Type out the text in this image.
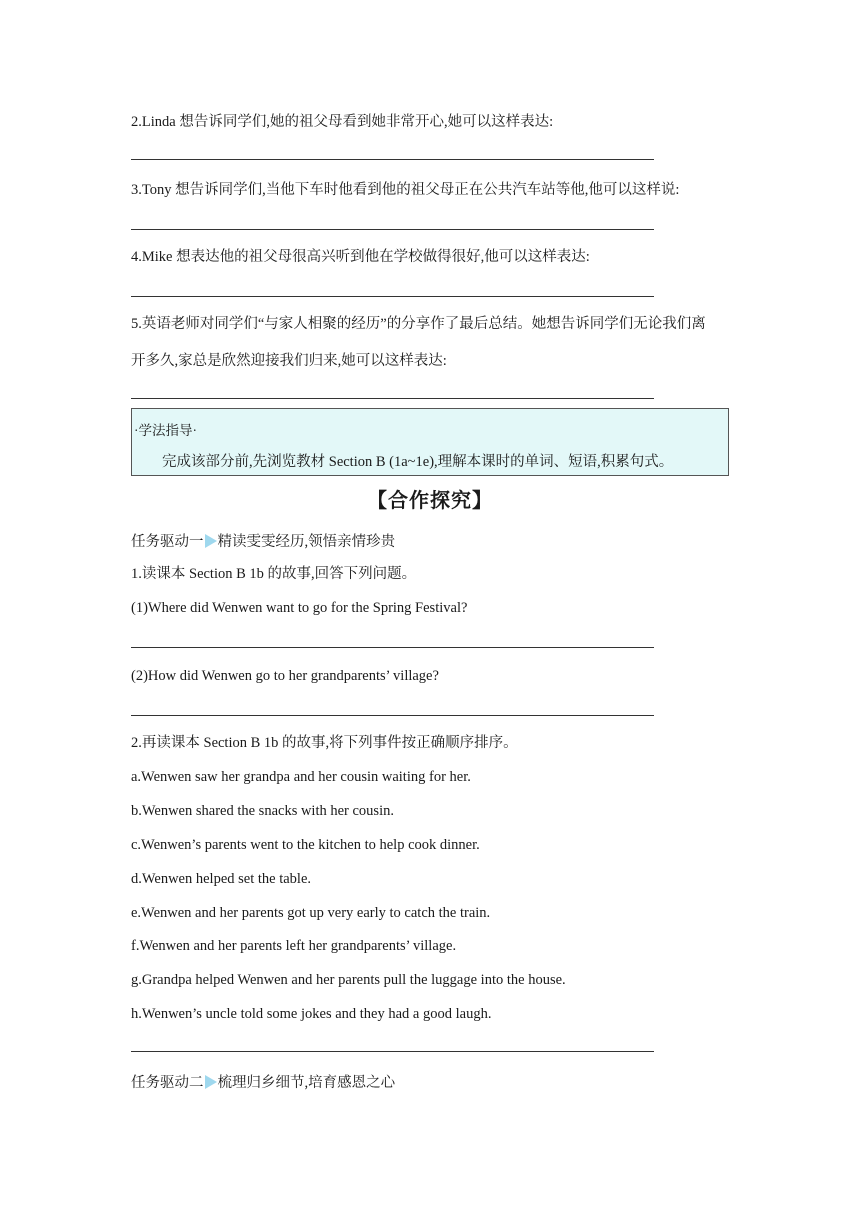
2.Linda 想告诉同学们,她的祖父母看到她非常开心,她可以这样表达:
3.Tony 想告诉同学们,当他下车时他看到他的祖父母正在公共汽车站等他,他可以这样说:
4.Mike 想表达他的祖父母很高兴听到他在学校做得很好,他可以这样表达:
5.英语老师对同学们“与家人相聚的经历”的分享作了最后总结。她想告诉同学们无论我们离
开多久,家总是欣然迎接我们归来,她可以这样表达:
·学法指导·
完成该部分前,先浏览教材 Section B (1a~1e),理解本课时的单词、短语,积累句式。
【合作探究】
任务驱动一 精读雯雯经历,领悟亲情珍贵
1.读课本 Section B 1b 的故事,回答下列问题。
(1)Where did Wenwen want to go for the Spring Festival?
(2)How did Wenwen go to her grandparents’ village?
2.再读课本 Section B 1b 的故事,将下列事件按正确顺序排序。
a.Wenwen saw her grandpa and her cousin waiting for her.
b.Wenwen shared the snacks with her cousin.
c.Wenwen’s parents went to the kitchen to help cook dinner.
d.Wenwen helped set the table.
e.Wenwen and her parents got up very early to catch the train.
f.Wenwen and her parents left her grandparents’ village.
g.Grandpa helped Wenwen and her parents pull the luggage into the house.
h.Wenwen’s uncle told some jokes and they had a good laugh.
任务驱动二 梳理归乡细节,培育感恩之心
